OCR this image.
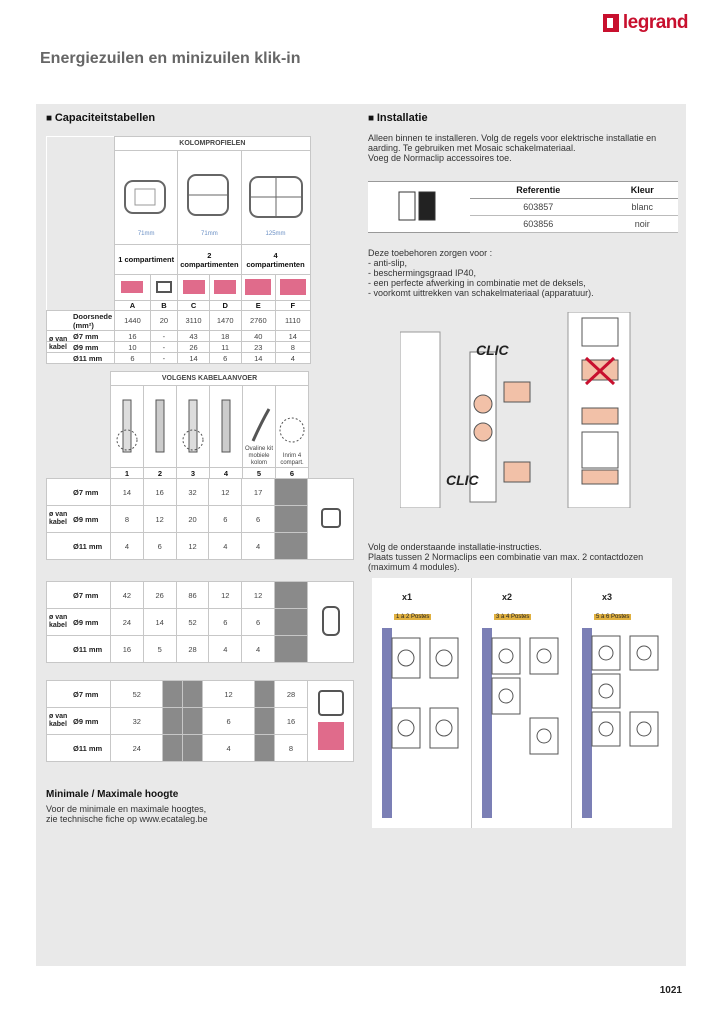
legrand
Energiezuilen en minizuilen klik-in
■ Capaciteitstabellen
	KOLOMPROFIELEN					

	71mm		71mm		125mm	

	1 compartiment		2 compartimenten		4 compartimenten	

	A	B	C	D	E	F
Doorsnede (mm²)	1440	20	3110	1470	2760	1110

ø van kabel
Ø7 mm	16	-	43	18	40	14
Ø9 mm	10	-	26	11	23	8
Ø11 mm	6	-	14	6	14	4
VOLGENS KABELAANVOER					

Ovaline kit mobiele kolom	Inrim 4 compart.

1	2	3	4	5	6
ø van kabel
Ø7 mm	14	16	32	12	17		
Ø9 mm	8	12	20	6	6		
Ø11 mm	4	6	12	4	4		
ø van kabel
Ø7 mm	42	26	86	12	12		
Ø9 mm	24	14	52	6	6		
Ø11 mm	16	5	28	4	4		
ø van kabel
Ø7 mm	52			12		28	

Ø9 mm	32			6		16	
Ø11 mm	24			4		8	
Minimale / Maximale hoogte
Voor de minimale en maximale hoogtes,
zie technische fiche op www.ecataleg.be
■ Installatie
Alleen binnen te installeren. Volg de regels voor elektrische installatie en
aarding. Te gebruiken met Mosaic schakelmateriaal.
Voeg de Normaclip accessoires toe.
	Referentie	Kleur
	603857	blanc
	603856	noir
Deze toebehoren zorgen voor :
- anti-slip,
- beschermingsgraad IP40,
- een perfecte afwerking in combinatie met de deksels,
- voorkomt uittrekken van schakelmateriaal (apparatuur).
CLIC
CLIC
Volg de onderstaande installatie-instructies.
Plaats tussen 2 Normaclips een combinatie van max. 2 contactdozen
(maximum 4 modules).
x1
1 à 2 Postes
x2
3 à 4 Postes
x3
5 à 6 Postes
1021
